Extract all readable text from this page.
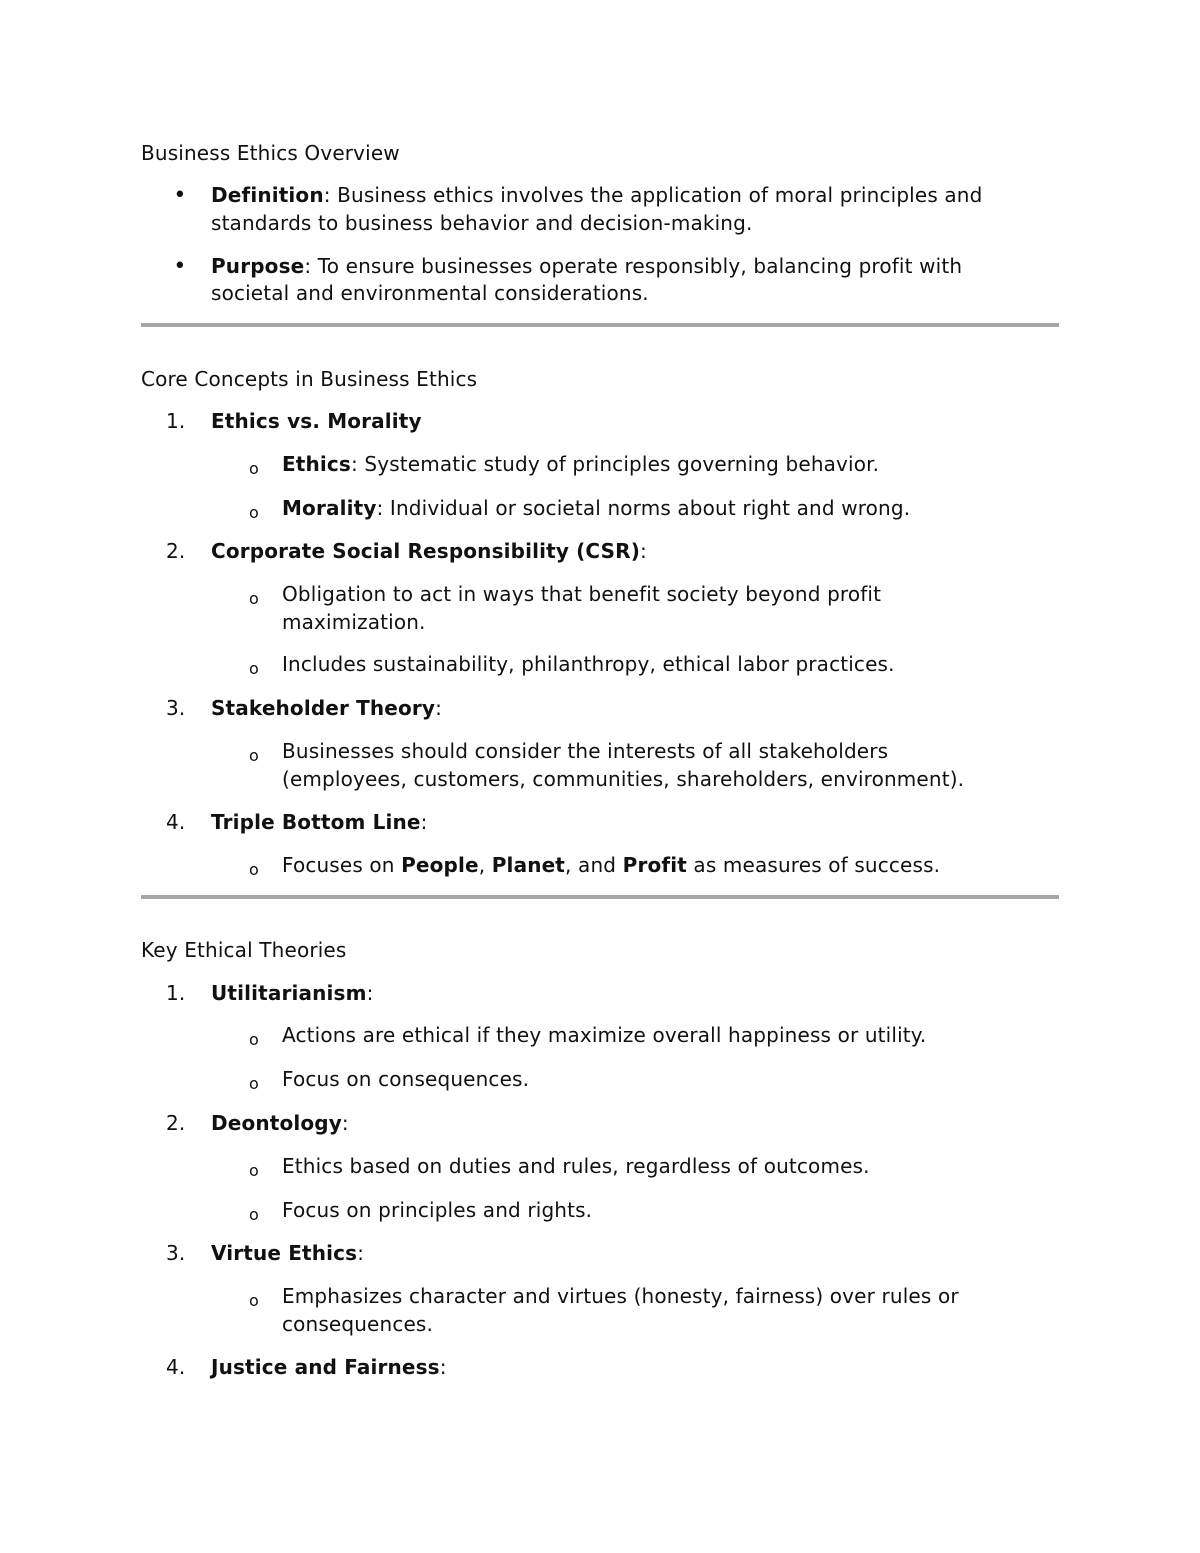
Business Ethics Overview
• Definition: Business ethics involves the application of moral principles and
standards to business behavior and decision-making.
• Purpose: To ensure businesses operate responsibly, balancing profit with
societal and environmental considerations.
Core Concepts in Business Ethics
1. Ethics vs. Morality
o Ethics: Systematic study of principles governing behavior.
o Morality: Individual or societal norms about right and wrong.
2. Corporate Social Responsibility (CSR):
o Obligation to act in ways that benefit society beyond profit
maximization.
o Includes sustainability, philanthropy, ethical labor practices.
3. Stakeholder Theory:
o Businesses should consider the interests of all stakeholders
(employees, customers, communities, shareholders, environment).
4. Triple Bottom Line:
o Focuses on People, Planet, and Profit as measures of success.
Key Ethical Theories
1. Utilitarianism:
o Actions are ethical if they maximize overall happiness or utility.
o Focus on consequences.
2. Deontology:
o Ethics based on duties and rules, regardless of outcomes.
o Focus on principles and rights.
3. Virtue Ethics:
o Emphasizes character and virtues (honesty, fairness) over rules or
consequences.
4. Justice and Fairness:
